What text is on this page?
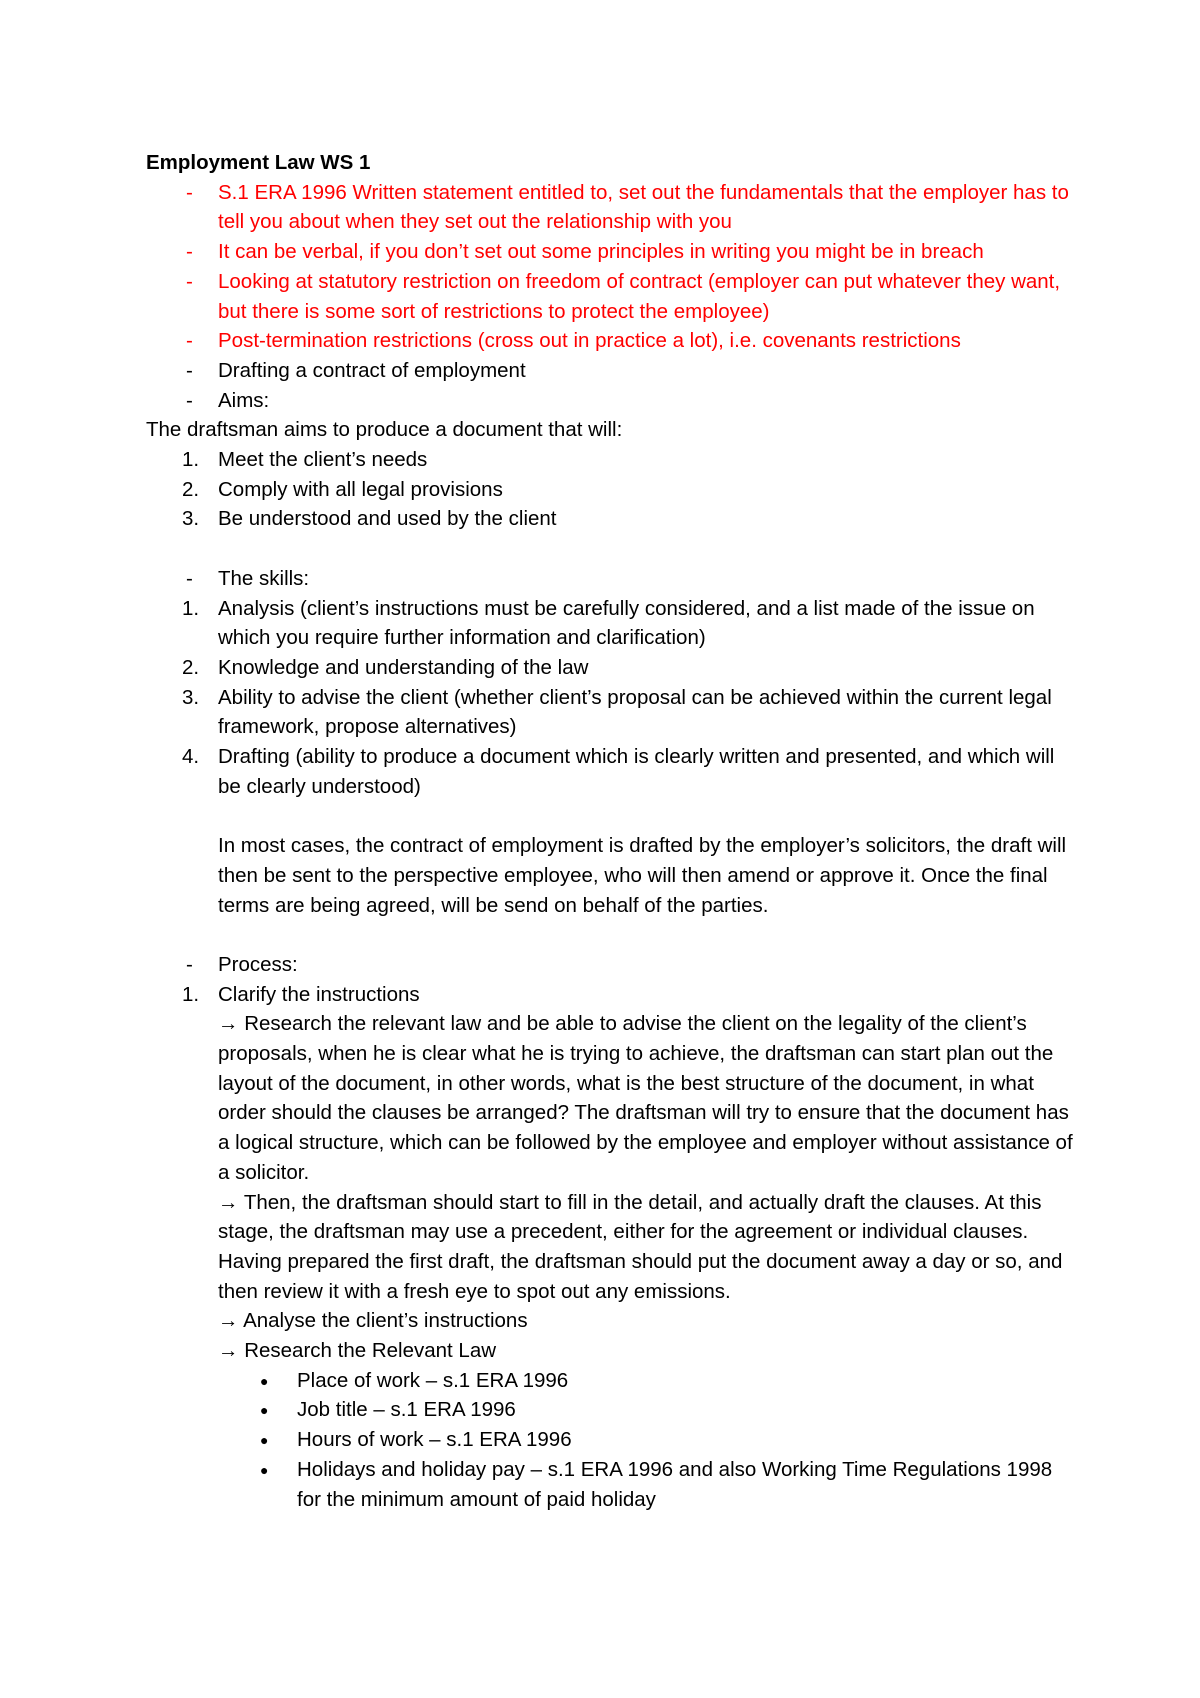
Employment Law WS 1

- S.1 ERA 1996 Written statement entitled to, set out the fundamentals that the employer has to tell you about when they set out the relationship with you
- It can be verbal, if you don’t set out some principles in writing you might be in breach
- Looking at statutory restriction on freedom of contract (employer can put whatever they want, but there is some sort of restrictions to protect the employee)
- Post-termination restrictions (cross out in practice a lot), i.e. covenants restrictions
- Drafting a contract of employment
- Aims:

The draftsman aims to produce a document that will:

1. Meet the client’s needs
2. Comply with all legal provisions
3. Be understood and used by the client
- The skills:
1. Analysis (client’s instructions must be carefully considered, and a list made of the issue on which you require further information and clarification)
2. Knowledge and understanding of the law
3. Ability to advise the client (whether client’s proposal can be achieved within the current legal framework, propose alternatives)
4. Drafting (ability to produce a document which is clearly written and presented, and which will be clearly understood)

In most cases, the contract of employment is drafted by the employer’s solicitors, the draft will then be sent to the perspective employee, who will then amend or approve it. Once the final terms are being agreed, will be send on behalf of the parties.

- Process:
1. Clarify the instructions
→ Research the relevant law and be able to advise the client on the legality of the client’s proposals, when he is clear what he is trying to achieve, the draftsman can start plan out the layout of the document, in other words, what is the best structure of the document, in what order should the clauses be arranged? The draftsman will try to ensure that the document has a logical structure, which can be followed by the employee and employer without assistance of a solicitor.
→ Then, the draftsman should start to fill in the detail, and actually draft the clauses. At this stage, the draftsman may use a precedent, either for the agreement or individual clauses. Having prepared the first draft, the draftsman should put the document away a day or so, and then review it with a fresh eye to spot out any emissions.
→ Analyse the client’s instructions
→ Research the Relevant Law
● Place of work – s.1 ERA 1996
● Job title – s.1 ERA 1996
● Hours of work – s.1 ERA 1996
● Holidays and holiday pay – s.1 ERA 1996 and also Working Time Regulations 1998 for the minimum amount of paid holiday
